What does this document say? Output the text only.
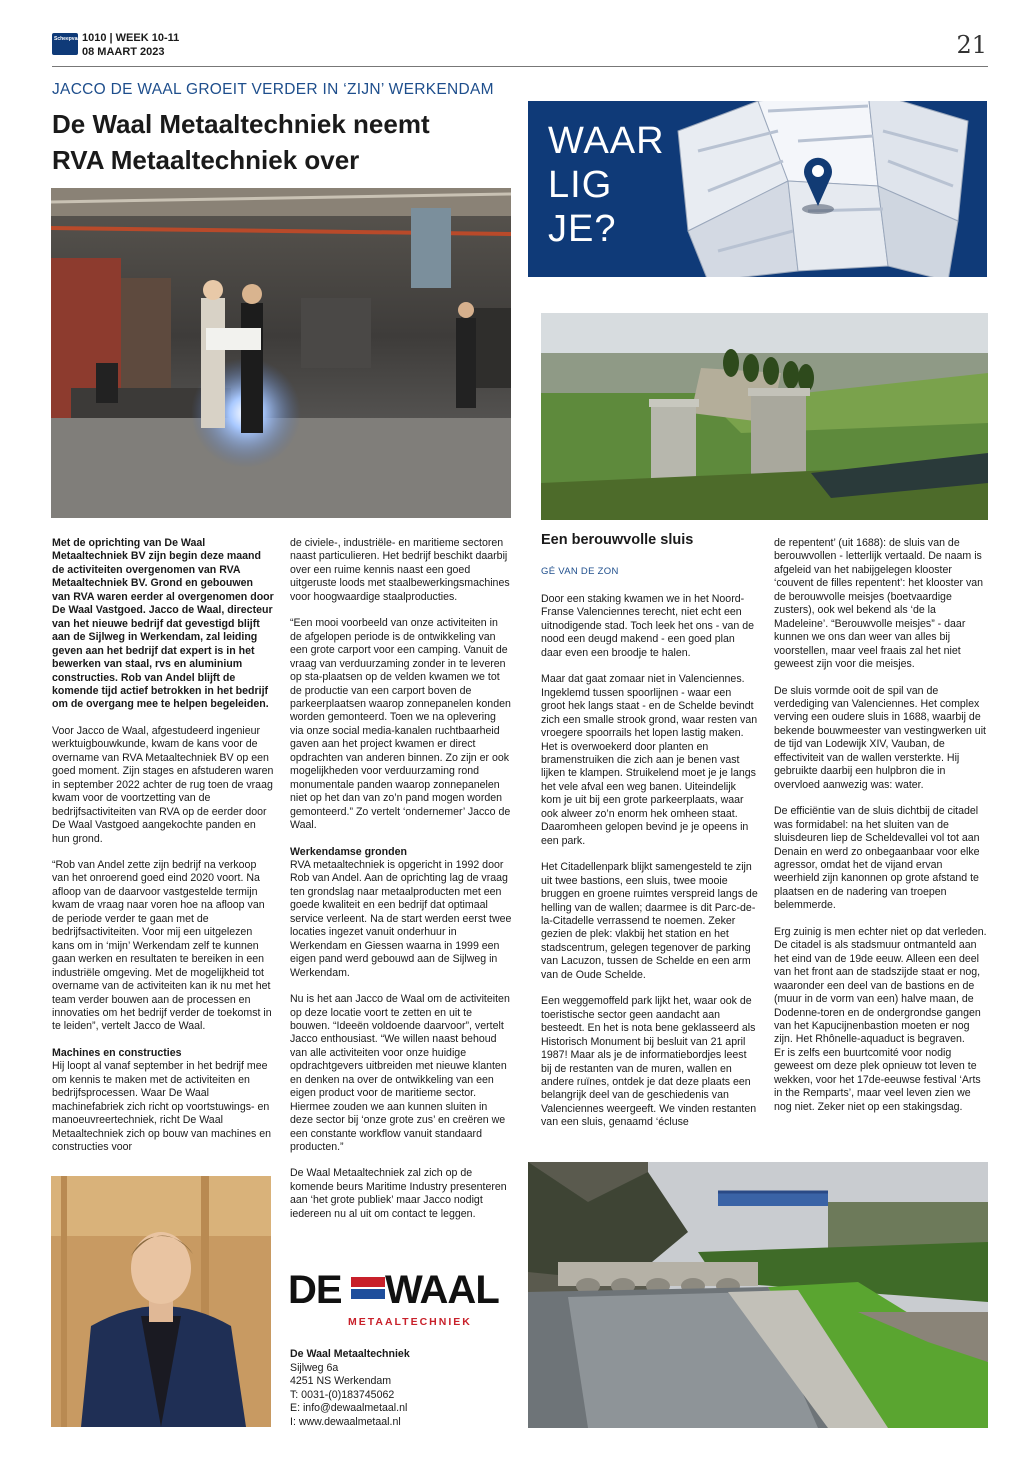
Scheepvaart
1010 | WEEK 10-11
08 MAART 2023	21
JACCO DE WAAL GROEIT VERDER IN ‘ZIJN’ WERKENDAM
De Waal Metaaltechniek neemt
RVA Metaaltechniek over

Met de oprichting van De Waal Metaaltechniek BV zijn begin deze maand de activiteiten overgenomen van RVA Metaaltechniek BV. Grond en gebouwen van RVA waren eerder al overgenomen door De Waal Vastgoed. Jacco de Waal, directeur van het nieuwe bedrijf dat gevestigd blijft aan de Sijlweg in Werkendam, zal leiding geven aan het bedrijf dat expert is in het bewerken van staal, rvs en aluminium constructies. Rob van Andel blijft de komende tijd actief betrokken in het bedrijf om de overgang mee te helpen begeleiden.

Voor Jacco de Waal, afgestudeerd ingenieur werktuigbouwkunde, kwam de kans voor de overname van RVA Metaaltechniek BV op een goed moment. Zijn stages en afstuderen waren in september 2022 achter de rug toen de vraag kwam voor de voortzetting van de bedrijfsactiviteiten van RVA op de eerder door De Waal Vastgoed aangekochte panden en hun grond.

“Rob van Andel zette zijn bedrijf na verkoop van het onroerend goed eind 2020 voort. Na afloop van de daarvoor vastgestelde termijn kwam de vraag naar voren hoe na afloop van de periode verder te gaan met de bedrijfsactiviteiten. Voor mij een uitgelezen kans om in ‘mijn’ Werkendam zelf te kunnen gaan werken en resultaten te bereiken in een industriële omgeving. Met de mogelijkheid tot overname van de activiteiten kan ik nu met het team verder bouwen aan de processen en innovaties om het bedrijf verder de toekomst in te leiden”, vertelt Jacco de Waal.

Machines en constructies

Hij loopt al vanaf september in het bedrijf mee om kennis te maken met de activiteiten en bedrijfsprocessen. Waar De Waal machinefabriek zich richt op voortstuwings- en manoeuvreertechniek, richt De Waal Metaaltechniek zich op bouw van machines en constructies voor

de civiele-, industriële- en maritieme sectoren naast particulieren. Het bedrijf beschikt daarbij over een ruime kennis naast een goed uitgeruste loods met staalbewerkingsmachines voor hoogwaardige staalproducties.

“Een mooi voorbeeld van onze activiteiten in de afgelopen periode is de ontwikkeling van een grote carport voor een camping. Vanuit de vraag van verduurzaming zonder in te leveren op sta-plaatsen op de velden kwamen we tot de productie van een carport boven de parkeerplaatsen waarop zonnepanelen konden worden gemonteerd. Toen we na oplevering via onze social media-kanalen ruchtbaarheid gaven aan het project kwamen er direct opdrachten van anderen binnen. Zo zijn er ook mogelijkheden voor verduurzaming rond monumentale panden waarop zonnepanelen niet op het dan van zo’n pand mogen worden gemonteerd.” Zo vertelt ‘ondernemer’ Jacco de Waal.

Werkendamse gronden

RVA metaaltechniek is opgericht in 1992 door Rob van Andel. Aan de oprichting lag de vraag ten grondslag naar metaalproducten met een goede kwaliteit en een bedrijf dat optimaal service verleent. Na de start werden eerst twee locaties ingezet vanuit onderhuur in Werkendam en Giessen waarna in 1999 een eigen pand werd gebouwd aan de Sijlweg in Werkendam.

Nu is het aan Jacco de Waal om de activiteiten op deze locatie voort te zetten en uit te bouwen. “Ideeën voldoende daarvoor”, vertelt Jacco enthousiast. “We willen naast behoud van alle activiteiten voor onze huidige opdrachtgevers uitbreiden met nieuwe klanten en denken na over de ontwikkeling van een eigen product voor de maritieme sector. Hiermee zouden we aan kunnen sluiten in deze sector bij ‘onze grote zus’ en creëren we een constante workflow vanuit standaard producten.”

De Waal Metaaltechniek zal zich op de komende beurs Maritime Industry presenteren aan ‘het grote publiek’ maar Jacco nodigt iedereen nu al uit om contact te leggen.

DE WAAL
METAALTECHNIEK
De Waal Metaaltechniek
Sijlweg 6a
4251 NS Werkendam
T: 0031-(0)183745062
E: info@dewaalmetaal.nl
I: www.dewaalmetaal.nl
WAAR
LIG
JE?
Een berouwvolle sluis
GÉ VAN DE ZON

Door een staking kwamen we in het Noord-Franse Valenciennes terecht, niet echt een uitnodigende stad. Toch leek het ons - van de nood een deugd makend - een goed plan daar even een broodje te halen.

Maar dat gaat zomaar niet in Valenciennes. Ingeklemd tussen spoorlijnen - waar een groot hek langs staat - en de Schelde bevindt zich een smalle strook grond, waar resten van vroegere spoorrails het lopen lastig maken. Het is overwoekerd door planten en bramenstruiken die zich aan je benen vast lijken te klampen. Struikelend moet je je langs het vele afval een weg banen. Uiteindelijk kom je uit bij een grote parkeerplaats, waar ook alweer zo’n enorm hek omheen staat. Daaromheen gelopen bevind je je opeens in een park.

Het Citadellenpark blijkt samengesteld te zijn uit twee bastions, een sluis, twee mooie bruggen en groene ruimtes verspreid langs de helling van de wallen; daarmee is dit Parc-de-la-Citadelle verrassend te noemen. Zeker gezien de plek: vlakbij het station en het stadscentrum, gelegen tegenover de parking van Lacuzon, tussen de Schelde en een arm van de Oude Schelde.

Een weggemoffeld park lijkt het, waar ook de toeristische sector geen aandacht aan besteedt. En het is nota bene geklasseerd als Historisch Monument bij besluit van 21 april 1987! Maar als je de informatiebordjes leest bij de restanten van de muren, wallen en andere ruïnes, ontdek je dat deze plaats een belangrijk deel van de geschiedenis van Valenciennes weergeeft. We vinden restanten van een sluis, genaamd ‘écluse

de repentent’ (uit 1688): de sluis van de berouwvollen - letterlijk vertaald. De naam is afgeleid van het nabijgelegen klooster ‘couvent de filles repentent’: het klooster van de berouwvolle meisjes (boetvaardige zusters), ook wel bekend als ‘de la Madeleine’. “Berouwvolle meisjes” - daar kunnen we ons dan weer van alles bij voorstellen, maar veel fraais zal het niet geweest zijn voor die meisjes.

De sluis vormde ooit de spil van de verdediging van Valenciennes. Het complex verving een oudere sluis in 1688, waarbij de bekende bouwmeester van vestingwerken uit de tijd van Lodewijk XIV, Vauban, de effectiviteit van de wallen versterkte. Hij gebruikte daarbij een hulpbron die in overvloed aanwezig was: water.

De efficiëntie van de sluis dichtbij de citadel was formidabel: na het sluiten van de sluisdeuren liep de Scheldevallei vol tot aan Denain en werd zo onbegaanbaar voor elke agressor, omdat het de vijand ervan weerhield zijn kanonnen op grote afstand te plaatsen en de nadering van troepen belemmerde.

Erg zuinig is men echter niet op dat verleden. De citadel is als stadsmuur ontmanteld aan het eind van de 19de eeuw. Alleen een deel van het front aan de stadszijde staat er nog, waaronder een deel van de bastions en de (muur in de vorm van een) halve maan, de Dodenne-toren en de ondergrondse gangen van het Kapucijnenbastion moeten er nog zijn. Het Rhônelle-aquaduct is begraven.

Er is zelfs een buurtcomité voor nodig geweest om deze plek opnieuw tot leven te wekken, voor het 17de-eeuwse festival ‘Arts in the Remparts’, maar veel leven zien we nog niet. Zeker niet op een stakingsdag.
